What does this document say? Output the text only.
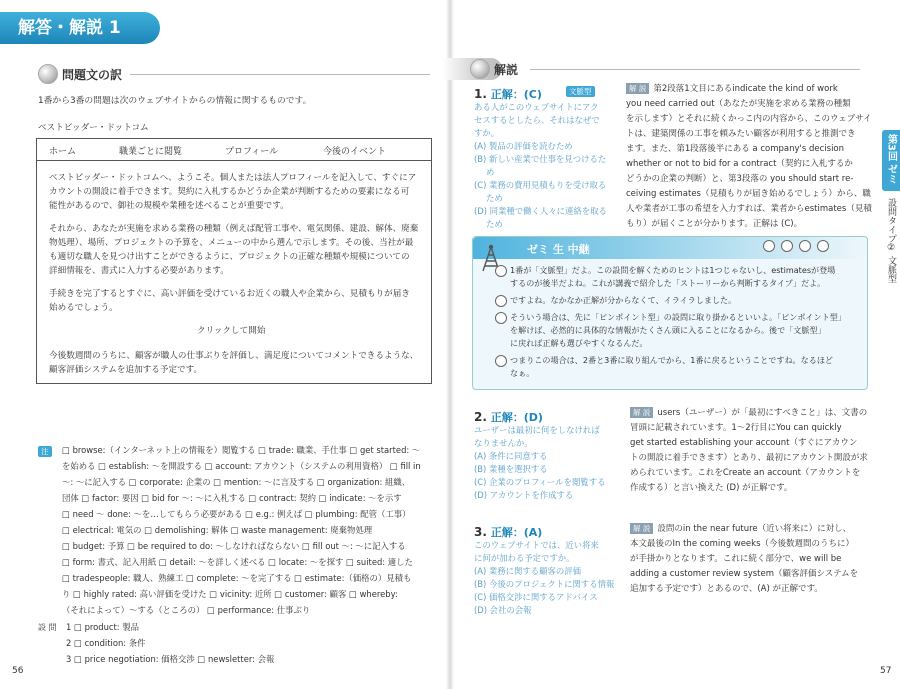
解答・解説 1
問題文の訳
1番から3番の問題は次のウェブサイトからの情報に関するものです。
ベストビッダー・ドットコム
ホーム	職業ごとに閲覧	プロフィール	今後のイベント
ベストビッダー・ドットコムへ、ようこそ。個人または法人プロフィールを記入して、すぐにア
カウントの開設に着手できます。契約に入札するかどうか企業が判断するための要素になる可
能性があるので、御社の規模や業種を述べることが重要です。
それから、あなたが実施を求める業務の種類（例えば配管工事や、電気関係、建設、解体、廃棄
物処理）、場所、プロジェクトの予算を、メニューの中から選んで示します。その後、当社が最
も適切な職人を見つけ出すことができるように、プロジェクトの正確な種類や規模についての
詳細情報を、書式に入力する必要があります。
手続きを完了するとすぐに、高い評価を受けているお近くの職人や企業から、見積もりが届き
始めるでしょう。
クリックして開始
今後数週間のうちに、顧客が職人の仕事ぶりを評価し、満足度についてコメントできるような、
顧客評価システムを追加する予定です。
注	□ browse:（インターネット上の情報を）閲覧する □ trade: 職業、手仕事 □ get started: ～
を始める □ establish: ～を開設する □ account: アカウント（システムの利用資格） □ fill in
～: ～に記入する □ corporate: 企業の □ mention: ～に言及する □ organization: 組織、
団体 □ factor: 要因 □ bid for ～: ～に入札する □ contract: 契約 □ indicate: ～を示す
□ need ～ done: ～を…してもらう必要がある □ e.g.: 例えば □ plumbing: 配管（工事）
□ electrical: 電気の □ demolishing: 解体 □ waste management: 廃棄物処理
□ budget: 予算 □ be required to do: ～しなければならない □ fill out ～: ～に記入する
□ form: 書式、記入用紙 □ detail: ～を詳しく述べる □ locate: ～を探す □ suited: 適した
□ tradespeople: 職人、熟練工 □ complete: ～を完了する □ estimate:（価格の）見積も
り □ highly rated: 高い評価を受けた □ vicinity: 近所 □ customer: 顧客 □ whereby:
（それによって）～する（ところの） □ performance: 仕事ぶり
設 問 1 □ product: 製品
2 □ condition: 条件
3 □ price negotiation: 価格交渉 □ newsletter: 会報
56
解説
1. 正解：(C)	文脈型
ある人がこのウェブサイトにアク
セスするとしたら、それはなぜで
すか。
(A) 製品の評価を読むため
(B) 新しい産業で仕事を見つけるた
め
(C) 業務の費用見積もりを受け取る
ため
(D) 同業種で働く人々に連絡を取る
ため
解 説 第2段落1文目にあるindicate the kind of work
you need carried out（あなたが実施を求める業務の種類
を示します）とそれに続くかっこ内の内容から、このウェブサイ
トは、建築関係の工事を頼みたい顧客が利用すると推測でき
ます。また、第1段落後半にある a company's decision
whether or not to bid for a contract（契約に入札するか
どうかの企業の判断）と、第3段落の you should start re-
ceiving estimates（見積もりが届き始めるでしょう）から、職
人や業者が工事の希望を入力すれば、業者からestimates（見積
もり）が届くことが分かります。正解は (C)。
ゼミ 生 中継

1番が「文脈型」だよ。この設問を解くためのヒントは1つじゃないし、estimatesが登場
するのが後半だよね。これが講義で紹介した「ストーリーから判断するタイプ」だよ。
ですよね。なかなか正解が分からなくて、イライラしました。
そういう場合は、先に「ピンポイント型」の設問に取り掛かるといいよ。「ピンポイント型」
を解けば、必然的に具体的な情報がたくさん頭に入ることになるから。後で「文脈型」
に戻れば正解も選びやすくなるんだ。
つまりこの場合は、2番と3番に取り組んでから、1番に戻るということですね。なるほど
なぁ。
2. 正解：(D)
ユーザーは最初に何をしなければ
なりませんか。
(A) 条件に同意する
(B) 業種を選択する
(C) 企業のプロフィールを閲覧する
(D) アカウントを作成する
解 説 users（ユーザー）が「最初にすべきこと」は、文書の
冒頭に記載されています。1～2行目にYou can quickly
get started establishing your account（すぐにアカウン
トの開設に着手できます）とあり、最初にアカウント開設が求
められています。これをCreate an account（アカウントを
作成する）と言い換えた (D) が正解です。
3. 正解：(A)
このウェブサイトでは、近い将来
に何が加わる予定ですか。
(A) 業務に関する顧客の評価
(B) 今後のプロジェクトに関する情報
(C) 価格交渉に関するアドバイス
(D) 会社の会報
解 説 設問のin the near future（近い将来に）に対し、
本文最後のIn the coming weeks（今後数週間のうちに）
が手掛かりとなります。これに続く部分で、we will be
adding a customer review system（顧客評価システムを
追加する予定です）とあるので、(A) が正解です。
第3回 ゼミ
設問タイプ② 文脈型
57
